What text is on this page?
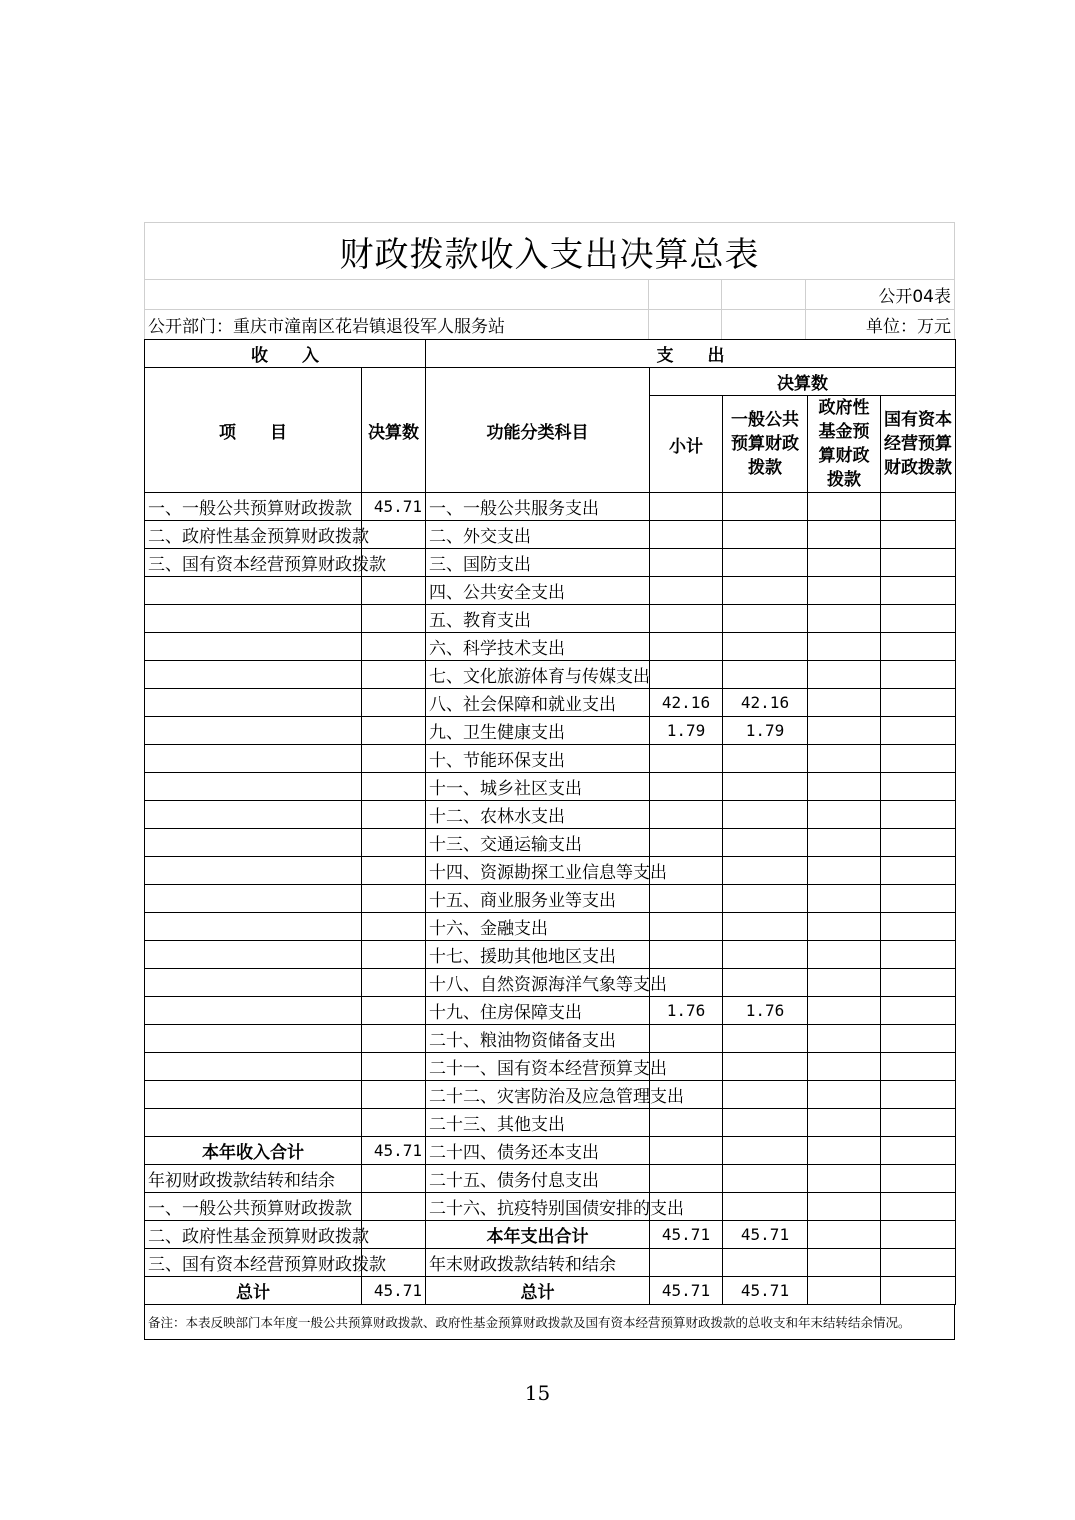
财政拨款收入支出决算总表
公开04表
公开部门：重庆市潼南区花岩镇退役军人服务站	单位：万元
收　　入		支　　出				
项　　目	决算数	功能分类科目	决算数			
			小计	一般公共预算财政拨款	政府性基金预算财政拨款	国有资本经营预算财政拨款
一、一般公共预算财政拨款	45.71	一、一般公共服务支出				
二、政府性基金预算财政拨款		二、外交支出				
三、国有资本经营预算财政拨款		三、国防支出				
		四、公共安全支出				
		五、教育支出				
		六、科学技术支出				
		七、文化旅游体育与传媒支出				
		八、社会保障和就业支出	42.16	42.16		
		九、卫生健康支出	1.79	1.79		
		十、节能环保支出				
		十一、城乡社区支出				
		十二、农林水支出				
		十三、交通运输支出				
		十四、资源勘探工业信息等支出				
		十五、商业服务业等支出				
		十六、金融支出				
		十七、援助其他地区支出				
		十八、自然资源海洋气象等支出				
		十九、住房保障支出	1.76	1.76		
		二十、粮油物资储备支出				
		二十一、国有资本经营预算支出				
		二十二、灾害防治及应急管理支出				
		二十三、其他支出				
本年收入合计	45.71	二十四、债务还本支出				
年初财政拨款结转和结余		二十五、债务付息支出				
一、一般公共预算财政拨款		二十六、抗疫特别国债安排的支出				
二、政府性基金预算财政拨款		本年支出合计	45.71	45.71		
三、国有资本经营预算财政拨款		年末财政拨款结转和结余				
总计	45.71	总计	45.71	45.71		
备注：本表反映部门本年度一般公共预算财政拨款、政府性基金预算财政拨款及国有资本经营预算财政拨款的总收支和年末结转结余情况。
15
